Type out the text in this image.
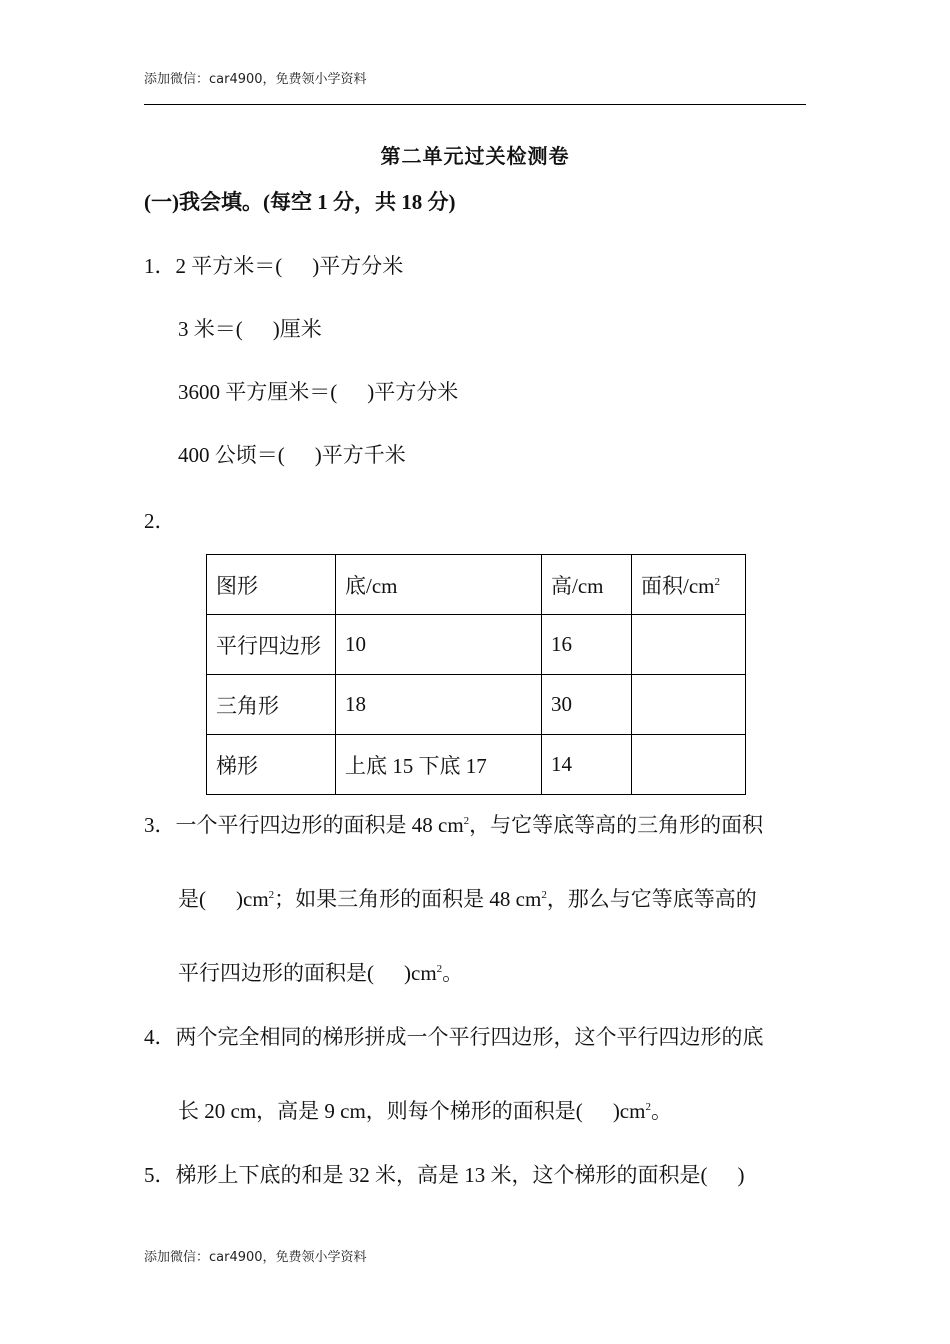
添加微信：car4900，免费领小学资料
第二单元过关检测卷
(一)我会填。(每空 1 分，共 18 分)
1．2 平方米＝( )平方分米
3 米＝( )厘米
3600 平方厘米＝( )平方分米
400 公顷＝( )平方千米
2．
图形	底/cm	高/cm	面积$/cm^2$
平行四边形	10	16	
三角形	18	30	
梯形	上底 15 下底 17	14	
3．一个平行四边形的面积是 48 $cm^2$，与它等底等高的三角形的面积
是( )$cm^2$；如果三角形的面积是 48 $cm^2$，那么与它等底等高的
平行四边形的面积是( )$cm^2$。
4．两个完全相同的梯形拼成一个平行四边形，这个平行四边形的底
长 20 cm，高是 9 cm，则每个梯形的面积是( )$cm^2$。
5．梯形上下底的和是 32 米，高是 13 米，这个梯形的面积是( )
添加微信：car4900，免费领小学资料
